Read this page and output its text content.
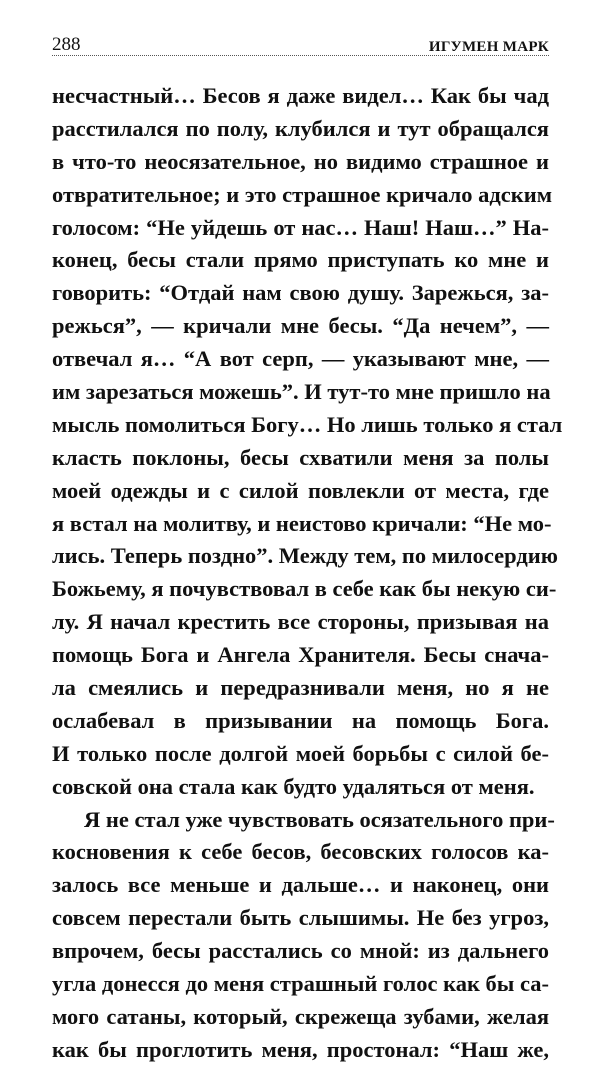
288	ИГУМЕН МАРК
несчастный… Бесов я даже видел… Как бы чад
расстилался по полу, клубился и тут обращался
в что-то неосязательное, но видимо страшное и
отвратительное; и это страшное кричало адским
голосом: “Не уйдешь от нас… Наш! Наш…” На-
конец, бесы стали прямо приступать ко мне и
говорить: “Отдай нам свою душу. Зарежься, за-
режься”, — кричали мне бесы. “Да нечем”, —
отвечал я… “А вот серп, — указывают мне, —
им зарезаться можешь”. И тут-то мне пришло на
мысль помолиться Богу… Но лишь только я стал
класть поклоны, бесы схватили меня за полы
моей одежды и с силой повлекли от места, где
я встал на молитву, и неистово кричали: “Не мо-
лись. Теперь поздно”. Между тем, по милосердию
Божьему, я почувствовал в себе как бы некую си-
лу. Я начал крестить все стороны, призывая на
помощь Бога и Ангела Хранителя. Бесы снача-
ла смеялись и передразнивали меня, но я не
ослабевал в призывании на помощь Бога.
И только после долгой моей борьбы с силой бе-
совской она стала как будто удаляться от меня.
Я не стал уже чувствовать осязательного при-
косновения к себе бесов, бесовских голосов ка-
залось все меньше и дальше… и наконец, они
совсем перестали быть слышимы. Не без угроз,
впрочем, бесы расстались со мной: из дальнего
угла донесся до меня страшный голос как бы са-
мого сатаны, который, скрежеща зубами, желая
как бы проглотить меня, простонал: “Наш же,
